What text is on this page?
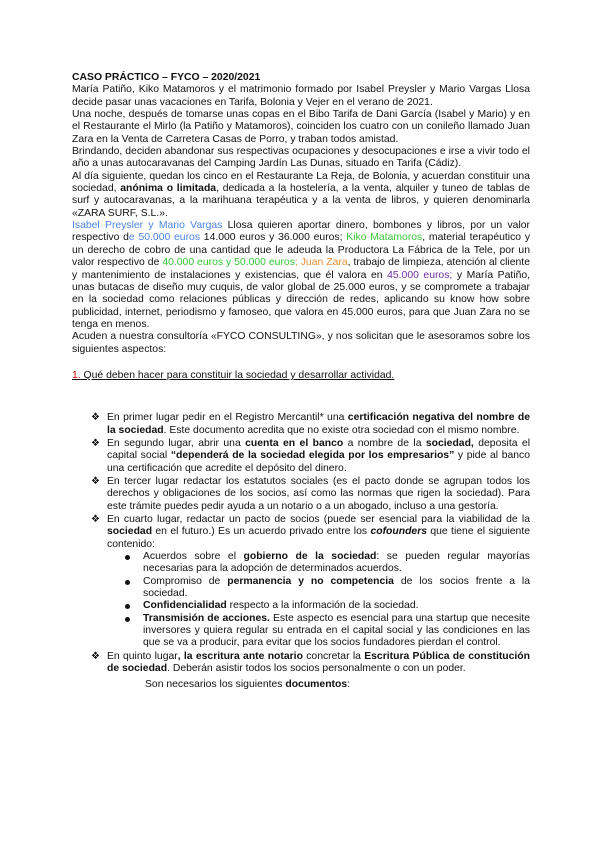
CASO PRÁCTICO – FYCO – 2020/2021

María Patiño, Kiko Matamoros y el matrimonio formado por Isabel Preysler y Mario Vargas Llosa decide pasar unas vacaciones en Tarifa, Bolonia y Vejer en el verano de 2021.

Una noche, después de tomarse unas copas en el Bibo Tarifa de Dani García (Isabel y Mario) y en el Restaurante el Mirlo (la Patiño y Matamoros), coinciden los cuatro con un conileño llamado Juan Zara en la Venta de Carretera Casas de Porro, y traban todos amistad.

Brindando, deciden abandonar sus respectivas ocupaciones y desocupaciones e irse a vivir todo el año a unas autocaravanas del Camping Jardín Las Dunas, situado en Tarifa (Cádiz).

Al día siguiente, quedan los cinco en el Restaurante La Reja, de Bolonia, y acuerdan constituir una sociedad, anónima o limitada, dedicada a la hostelería, a la venta, alquiler y tuneo de tablas de surf y autocaravanas, a la marihuana terapéutica y a la venta de libros, y quieren denominarla «ZARA SURF, S.L.».

Isabel Preysler y Mario Vargas Llosa quieren aportar dinero, bombones y libros, por un valor respectivo de 50.000 euros 14.000 euros y 36.000 euros; Kiko Matamoros, material terapéutico y un derecho de cobro de una cantidad que le adeuda la Productora La Fábrica de la Tele, por un valor respectivo de 40.000 euros y 50.000 euros; Juan Zara, trabajo de limpieza, atención al cliente y mantenimiento de instalaciones y existencias, que él valora en 45.000 euros; y María Patiño, unas butacas de diseño muy cuquis, de valor global de 25.000 euros, y se compromete a trabajar en la sociedad como relaciones públicas y dirección de redes, aplicando su know how sobre publicidad, internet, periodismo y famoseo, que valora en 45.000 euros, para que Juan Zara no se tenga en menos.

Acuden a nuestra consultoría «FYCO CONSULTING», y nos solicitan que le asesoramos sobre los siguientes aspectos:

1. Qué deben hacer para constituir la sociedad y desarrollar actividad.

❖ En primer lugar pedir en el Registro Mercantil* una certificación negativa del nombre de la sociedad. Este documento acredita que no existe otra sociedad con el mismo nombre.
❖ En segundo lugar, abrir una cuenta en el banco a nombre de la sociedad, deposita el capital social “dependerá de la sociedad elegida por los empresarios” y pide al banco una certificación que acredite el depósito del dinero.
❖ En tercer lugar redactar los estatutos sociales (es el pacto donde se agrupan todos los derechos y obligaciones de los socios, así como las normas que rigen la sociedad). Para este trámite puedes pedir ayuda a un notario o a un abogado, incluso a una gestoría.
❖ En cuarto lugar, redactar un pacto de socios (puede ser esencial para la viabilidad de la sociedad en el futuro.) Es un acuerdo privado entre los cofounders que tiene el siguiente contenido:
Acuerdos sobre el gobierno de la sociedad: se pueden regular mayorías necesarias para la adopción de determinados acuerdos.
Compromiso de permanencia y no competencia de los socios frente a la sociedad.
Confidencialidad respecto a la información de la sociedad.
Transmisión de acciones. Este aspecto es esencial para una startup que necesite inversores y quiera regular su entrada en el capital social y las condiciones en las que se va a producir, para evitar que los socios fundadores pierdan el control.
❖ En quinto lugar, la escritura ante notario concretar la Escritura Pública de constitución de sociedad. Deberán asistir todos los socios personalmente o con un poder.
Son necesarios los siguientes documentos:
